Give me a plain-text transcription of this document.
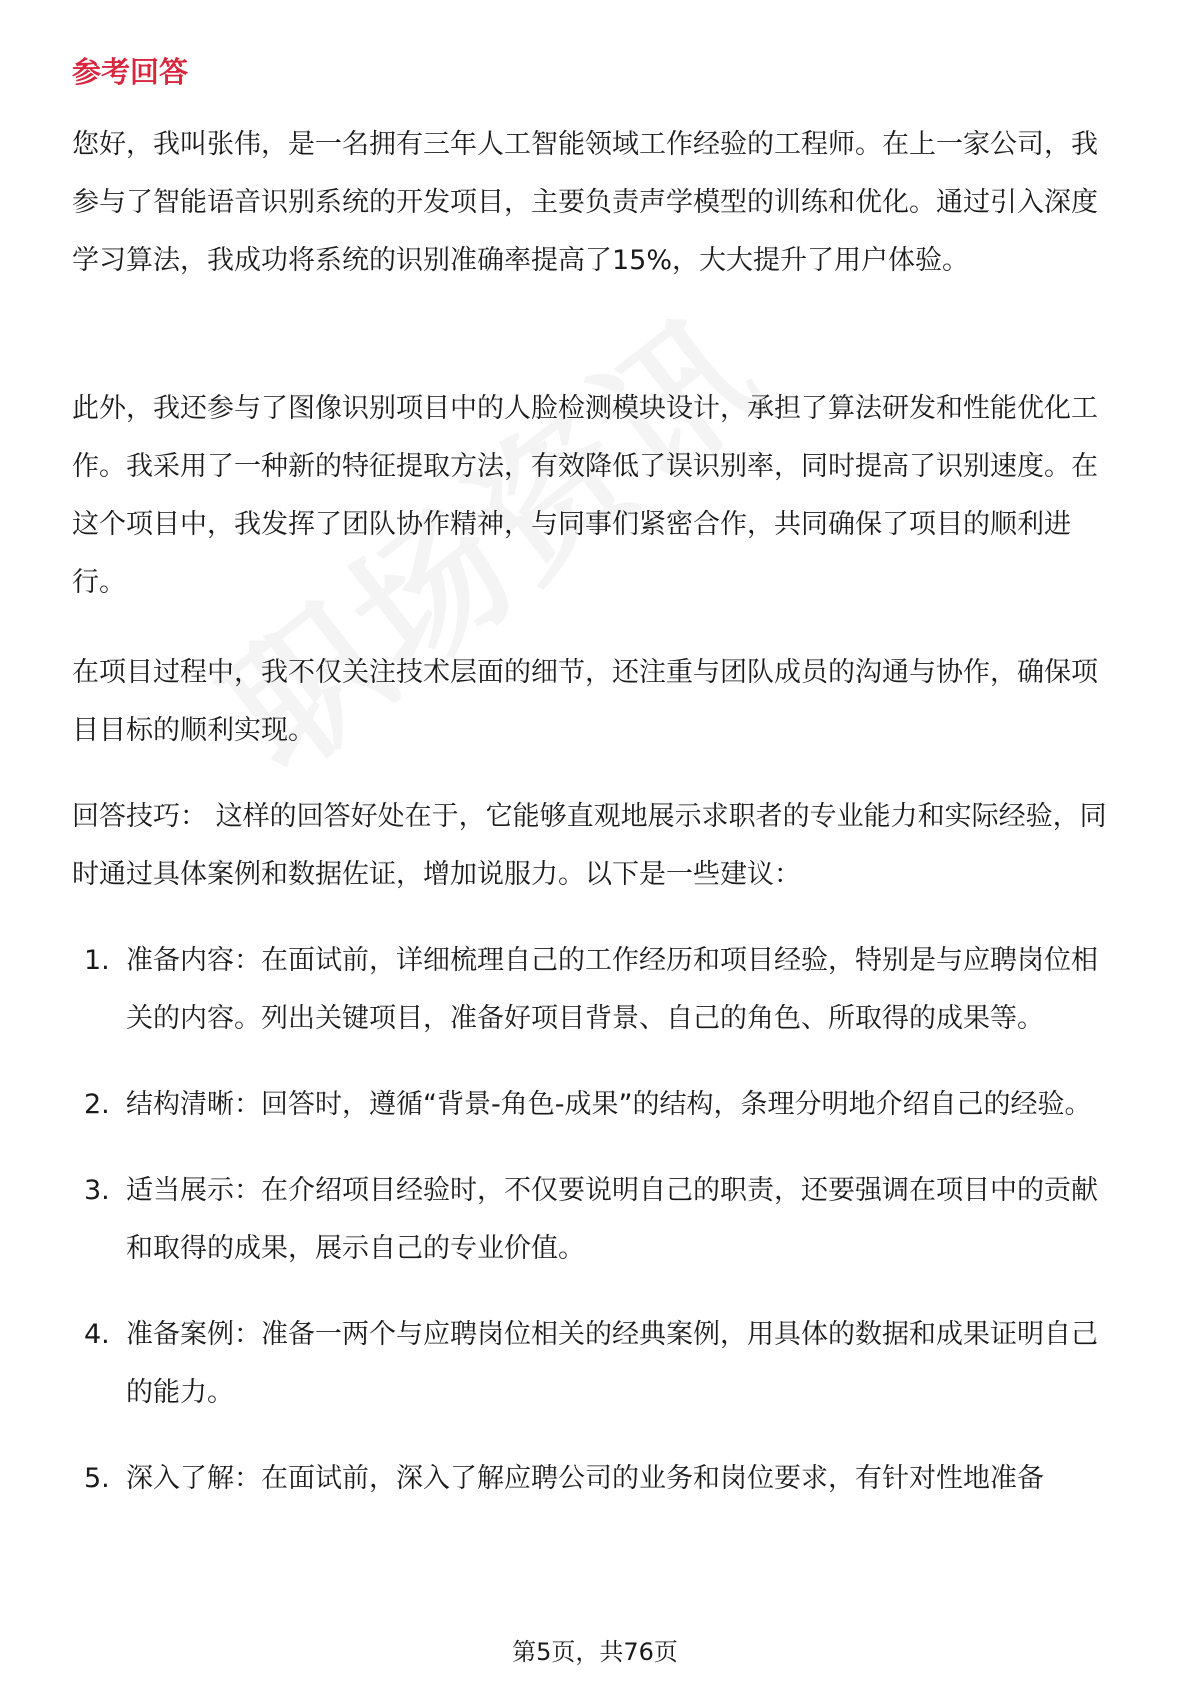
参考回答

您好，我叫张伟，是一名拥有三年人工智能领域工作经验的工程师。在上一家公司，我参与了智能语音识别系统的开发项目，主要负责声学模型的训练和优化。通过引入深度学习算法，我成功将系统的识别准确率提高了15%，大大提升了用户体验。

此外，我还参与了图像识别项目中的人脸检测模块设计，承担了算法研发和性能优化工作。我采用了一种新的特征提取方法，有效降低了误识别率，同时提高了识别速度。在这个项目中，我发挥了团队协作精神，与同事们紧密合作，共同确保了项目的顺利进行。

在项目过程中，我不仅关注技术层面的细节，还注重与团队成员的沟通与协作，确保项目目标的顺利实现。

回答技巧： 这样的回答好处在于，它能够直观地展示求职者的专业能力和实际经验，同时通过具体案例和数据佐证，增加说服力。以下是一些建议：

1. 准备内容：在面试前，详细梳理自己的工作经历和项目经验，特别是与应聘岗位相关的内容。列出关键项目，准备好项目背景、自己的角色、所取得的成果等。
2. 结构清晰：回答时，遵循“背景-角色-成果”的结构，条理分明地介绍自己的经验。
3. 适当展示：在介绍项目经验时，不仅要说明自己的职责，还要强调在项目中的贡献和取得的成果，展示自己的专业价值。
4. 准备案例：准备一两个与应聘岗位相关的经典案例，用具体的数据和成果证明自己的能力。
5. 深入了解：在面试前，深入了解应聘公司的业务和岗位要求，有针对性地准备
第5页，共76页
